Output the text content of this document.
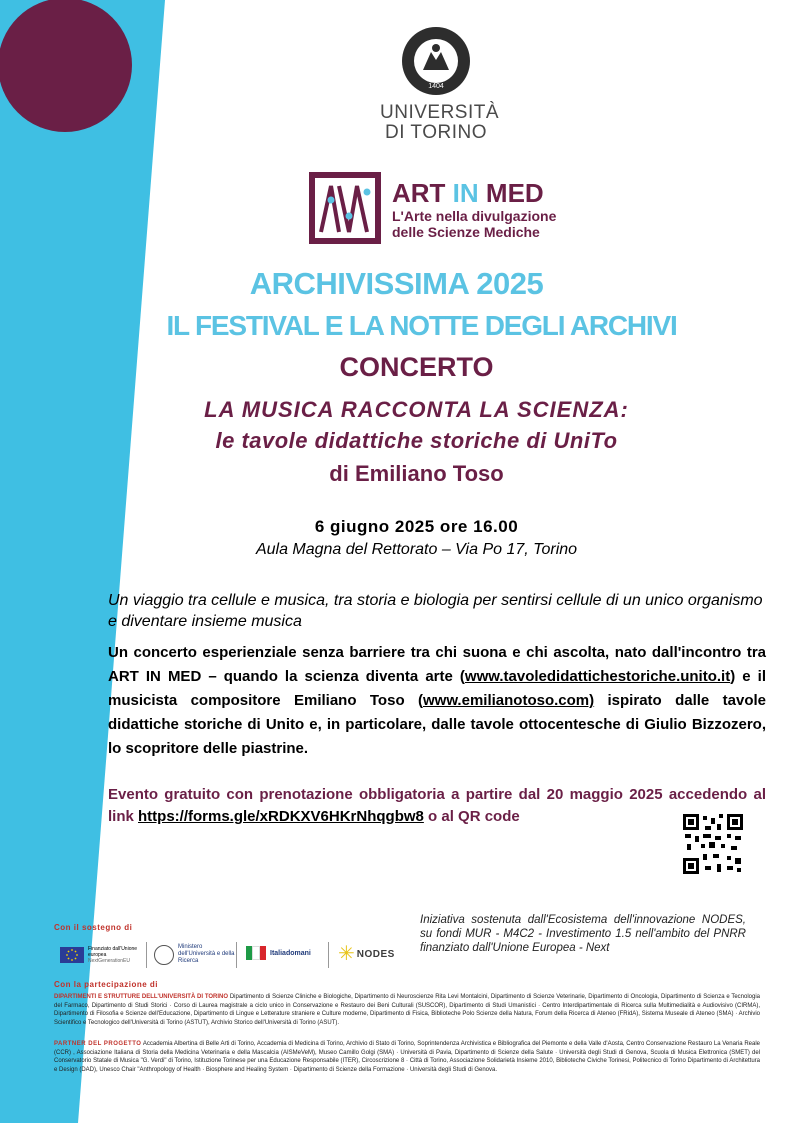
1404
UNIVERSITÀ
DI TORINO
ART IN MED
L'Arte nella divulgazione
delle Scienze Mediche
ARCHIVISSIMA 2025
IL FESTIVAL E LA NOTTE DEGLI ARCHIVI
CONCERTO
LA MUSICA RACCONTA LA SCIENZA:
le tavole didattiche storiche di UniTo
di Emiliano Toso
6 giugno 2025 ore 16.00
Aula Magna del Rettorato – Via Po 17, Torino
Un viaggio tra cellule e musica, tra storia e biologia per sentirsi cellule di un unico organismo e diventare insieme musica
Un concerto esperienziale senza barriere tra chi suona e chi ascolta, nato dall'incontro tra ART IN MED – quando la scienza diventa arte (www.tavoledidattichestoriche.unito.it) e il musicista compositore Emiliano Toso (www.emilianotoso.com) ispirato dalle tavole didattiche storiche di Unito e, in particolare, dalle tavole ottocentesche di Giulio Bizzozero, lo scopritore delle piastrine.
Evento gratuito con prenotazione obbligatoria a partire dal 20 maggio 2025 accedendo al link https://forms.gle/xRDKXV6HKrNhqgbw8 o al QR code
Con il sostegno di
Finanziato dall'Unione europea
NextGenerationEU
Ministero dell'Università e della Ricerca
Italiadomani ✳ NODES
Iniziativa sostenuta dall'Ecosistema dell'innovazione NODES, su fondi MUR - M4C2 - Investimento 1.5 nell'ambito del PNRR finanziato dall'Unione Europea - Next
Con la partecipazione di
DIPARTIMENTI E STRUTTURE DELL'UNIVERSITÀ DI TORINO Dipartimento di Scienze Cliniche e Biologiche, Dipartimento di Neuroscienze Rita Levi Montalcini, Dipartimento di Scienze Veterinarie, Dipartimento di Oncologia, Dipartimento di Scienza e Tecnologia del Farmaco, Dipartimento di Studi Storici · Corso di Laurea magistrale a ciclo unico in Conservazione e Restauro dei Beni Culturali (SUSCOR), Dipartimento di Studi Umanistici · Centro Interdipartimentale di Ricerca sulla Multimedialità e Audiovisivo (CIRMA), Dipartimento di Filosofia e Scienze dell'Educazione, Dipartimento di Lingue e Letterature straniere e Culture moderne, Dipartimento di Fisica, Biblioteche Polo Scienze della Natura, Forum della Ricerca di Ateneo (FRidA), Sistema Museale di Ateneo (SMA) · Archivio Scientifico e Tecnologico dell'Università di Torino (ASTUT), Archivio Storico dell'Università di Torino (ASUT).
PARTNER DEL PROGETTO Accademia Albertina di Belle Arti di Torino, Accademia di Medicina di Torino, Archivio di Stato di Torino, Soprintendenza Archivistica e Bibliografica del Piemonte e della Valle d'Aosta, Centro Conservazione Restauro La Venaria Reale (CCR) , Associazione Italiana di Storia della Medicina Veterinaria e della Mascalcia (AISMeVeM), Museo Camillo Golgi (SMA) · Università di Pavia, Dipartimento di Scienze della Salute · Università degli Studi di Genova, Scuola di Musica Elettronica (SMET) del Conservatorio Statale di Musica "G. Verdi" di Torino, Istituzione Torinese per una Educazione Responsabile (ITER), Circoscrizione 8 · Città di Torino, Associazione Solidarietà Insieme 2010, Biblioteche Civiche Torinesi, Politecnico di Torino Dipartimento di Architettura e Design (DAD), Unesco Chair "Anthropology of Health · Biosphere and Healing System · Dipartimento di Scienze della Formazione · Università degli Studi di Genova.
